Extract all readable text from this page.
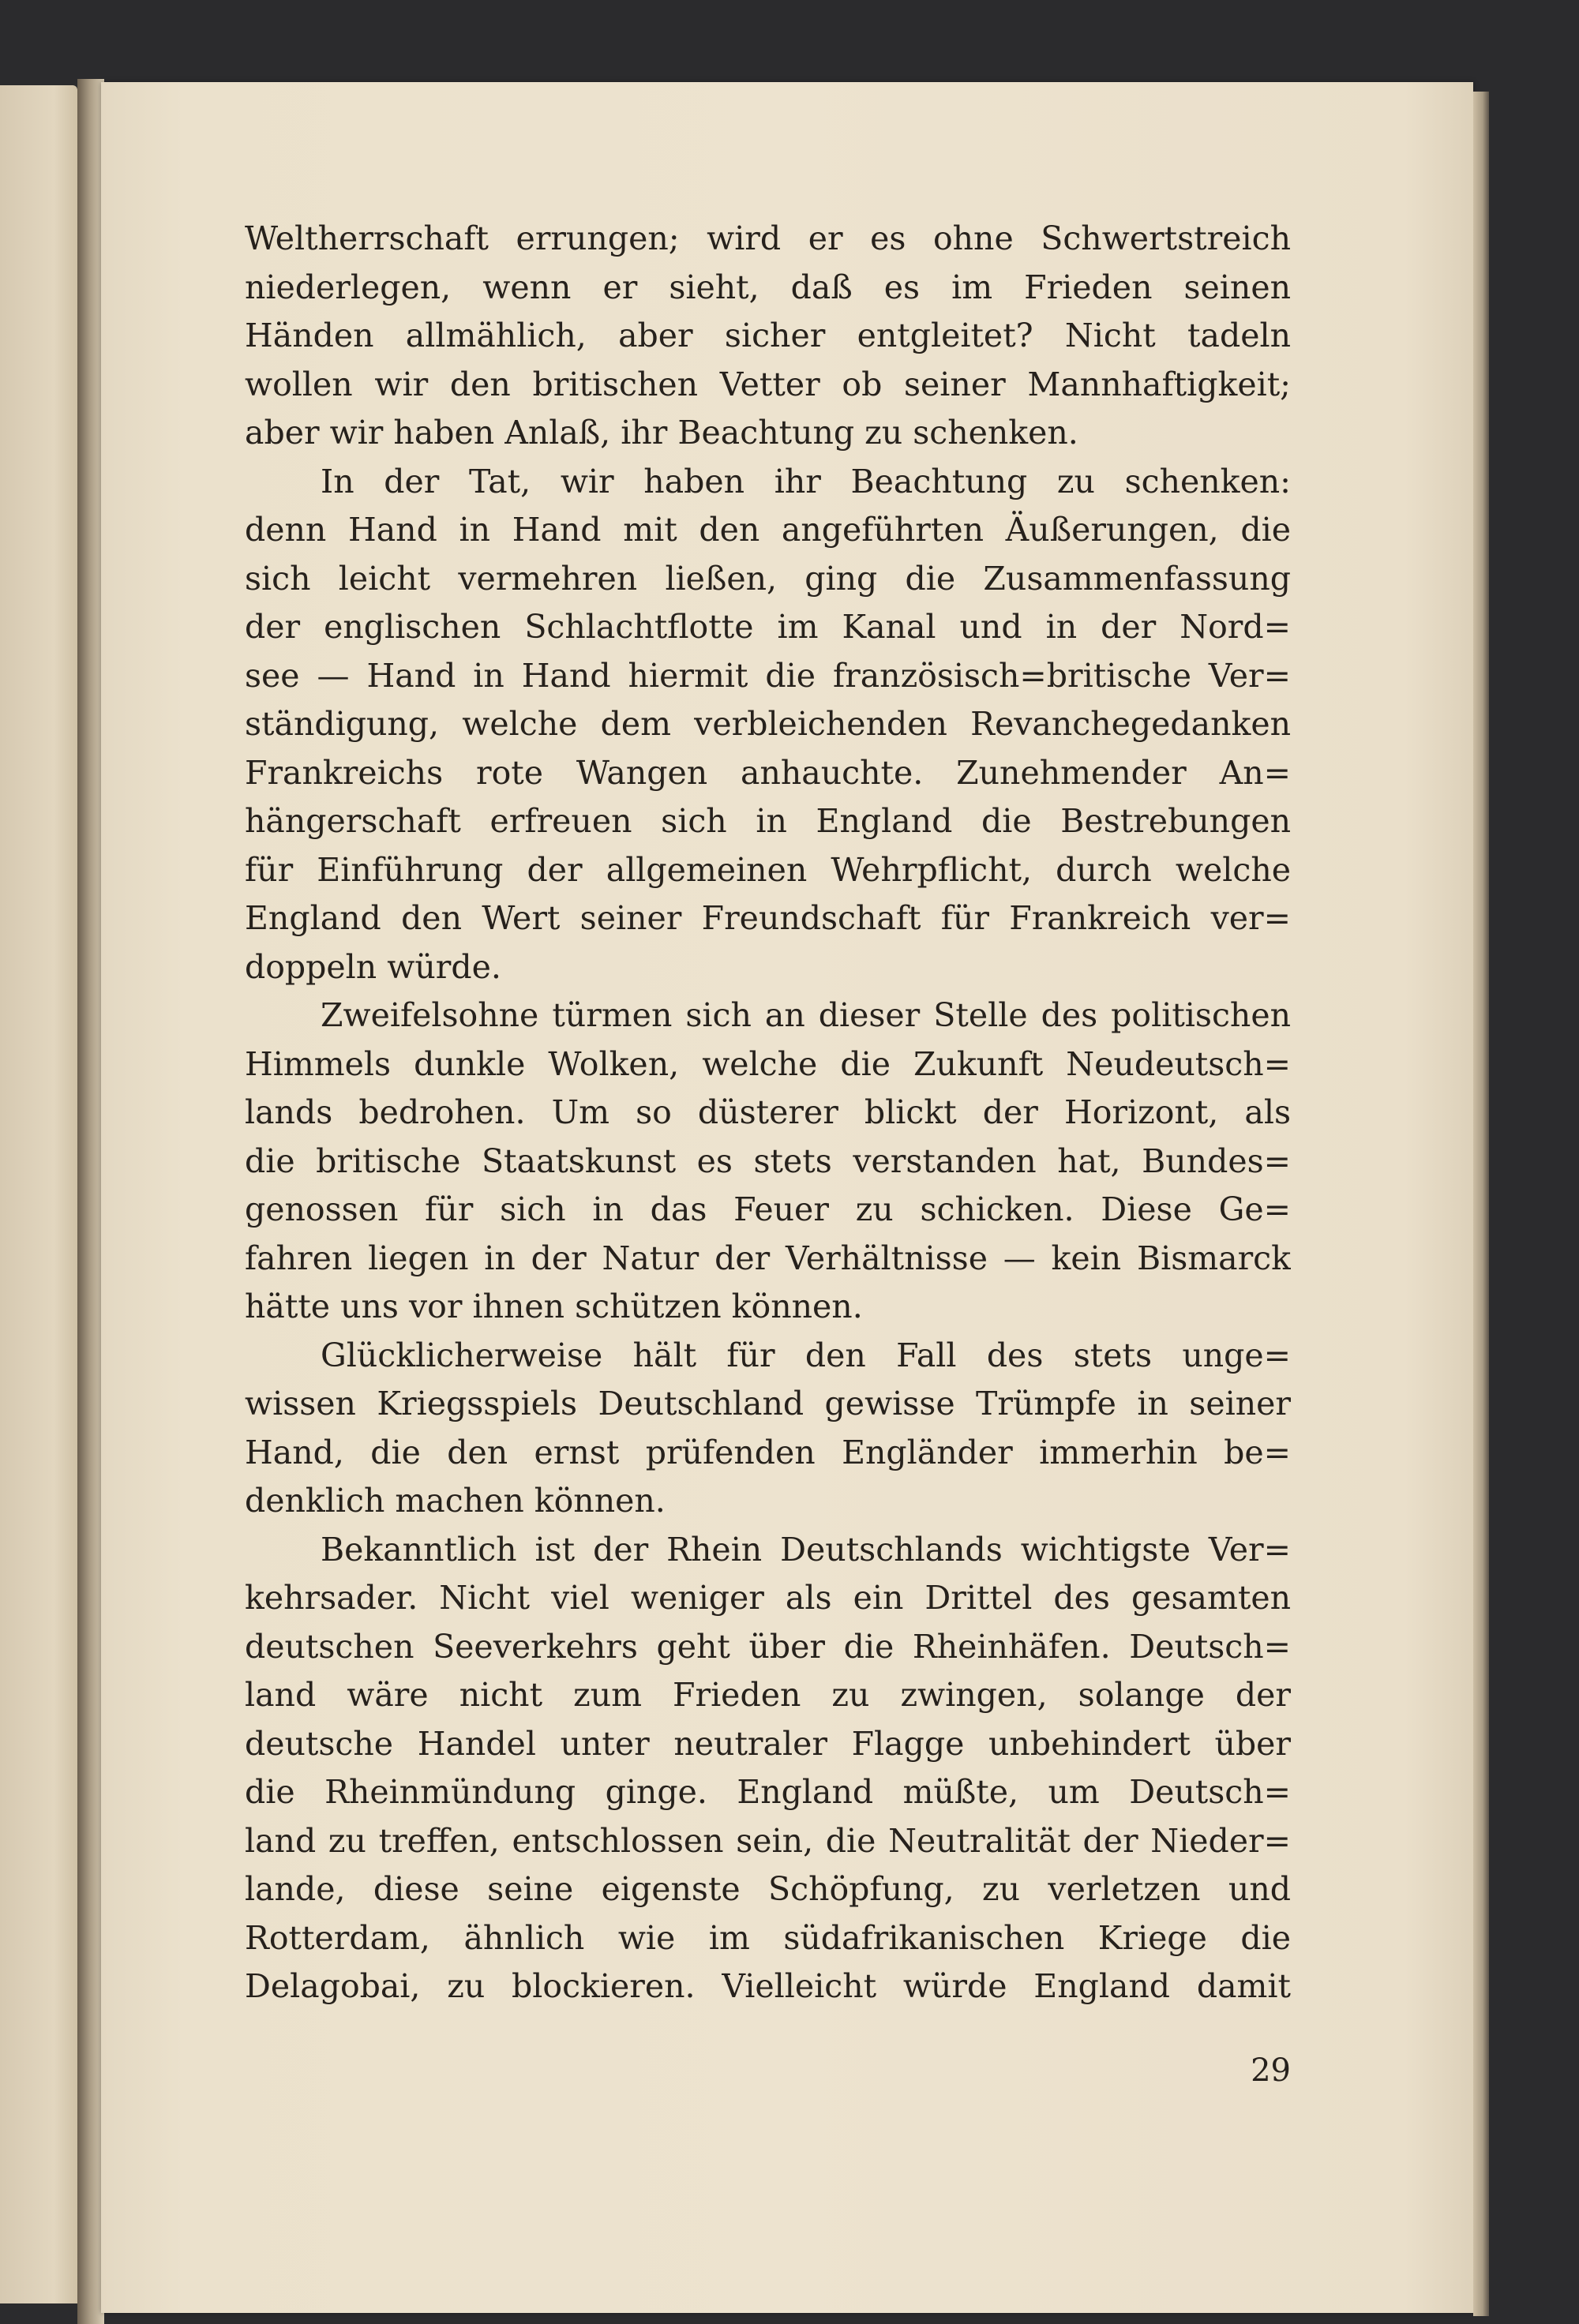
Weltherrschaft errungen; wird er es ohne Schwertstreich
niederlegen, wenn er sieht, daß es im Frieden seinen
Händen allmählich, aber sicher entgleitet? Nicht tadeln
wollen wir den britischen Vetter ob seiner Mannhaftigkeit;
aber wir haben Anlaß, ihr Beachtung zu schenken.
In der Tat, wir haben ihr Beachtung zu schenken:
denn Hand in Hand mit den angeführten Äußerungen, die
sich leicht vermehren ließen, ging die Zusammenfassung
der englischen Schlachtflotte im Kanal und in der Nord=
see — Hand in Hand hiermit die französisch=britische Ver=
ständigung, welche dem verbleichenden Revanchegedanken
Frankreichs rote Wangen anhauchte. Zunehmender An=
hängerschaft erfreuen sich in England die Bestrebungen
für Einführung der allgemeinen Wehrpflicht, durch welche
England den Wert seiner Freundschaft für Frankreich ver=
doppeln würde.
Zweifelsohne türmen sich an dieser Stelle des politischen
Himmels dunkle Wolken, welche die Zukunft Neudeutsch=
lands bedrohen. Um so düsterer blickt der Horizont, als
die britische Staatskunst es stets verstanden hat, Bundes=
genossen für sich in das Feuer zu schicken. Diese Ge=
fahren liegen in der Natur der Verhältnisse — kein Bismarck
hätte uns vor ihnen schützen können.
Glücklicherweise hält für den Fall des stets unge=
wissen Kriegsspiels Deutschland gewisse Trümpfe in seiner
Hand, die den ernst prüfenden Engländer immerhin be=
denklich machen können.
Bekanntlich ist der Rhein Deutschlands wichtigste Ver=
kehrsader. Nicht viel weniger als ein Drittel des gesamten
deutschen Seeverkehrs geht über die Rheinhäfen. Deutsch=
land wäre nicht zum Frieden zu zwingen, solange der
deutsche Handel unter neutraler Flagge unbehindert über
die Rheinmündung ginge. England müßte, um Deutsch=
land zu treffen, entschlossen sein, die Neutralität der Nieder=
lande, diese seine eigenste Schöpfung, zu verletzen und
Rotterdam, ähnlich wie im südafrikanischen Kriege die
Delagobai, zu blockieren. Vielleicht würde England damit
29
